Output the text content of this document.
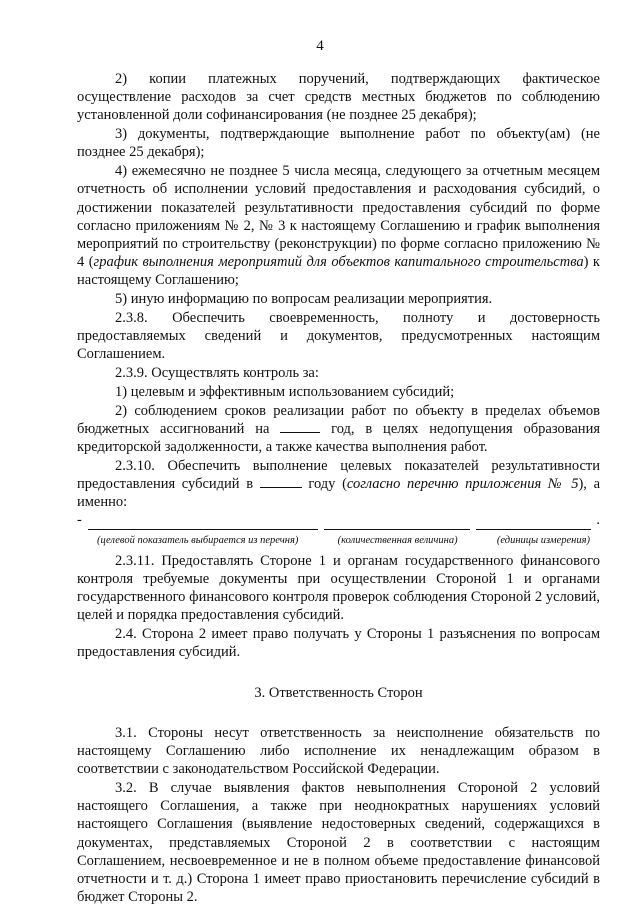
4

2) копии платежных поручений, подтверждающих фактическое осуществление расходов за счет средств местных бюджетов по соблюдению установленной доли софинансирования (не позднее 25 декабря);

3) документы, подтверждающие выполнение работ по объекту(ам) (не позднее 25 декабря);

4) ежемесячно не позднее 5 числа месяца, следующего за отчетным месяцем отчетность об исполнении условий предоставления и расходования субсидий, о достижении показателей результативности предоставления субсидий по форме согласно приложениям № 2, № 3 к настоящему Соглашению и график выполнения мероприятий по строительству (реконструкции) по форме согласно приложению № 4 (график выполнения мероприятий для объектов капитального строительства) к настоящему Соглашению;

5) иную информацию по вопросам реализации мероприятия.

2.3.8. Обеспечить своевременность, полноту и достоверность предоставляемых сведений и документов, предусмотренных настоящим Соглашением.

2.3.9. Осуществлять контроль за:

1) целевым и эффективным использованием субсидий;

2) соблюдением сроков реализации работ по объекту в пределах объемов бюджетных ассигнований на	год, в целях недопущения образования кредиторской задолженности, а также качества выполнения работ.

2.3.10. Обеспечить выполнение целевых показателей результативности предоставления субсидий в	году (согласно перечню приложения № 5), а именно:

-	.
(целевой показатель выбирается из перечня)	(количественная величина)	(единицы измерения)

2.3.11. Предоставлять Стороне 1 и органам государственного финансового контроля требуемые документы при осуществлении Стороной 1 и органами государственного финансового контроля проверок соблюдения Стороной 2 условий, целей и порядка предоставления субсидий.

2.4. Сторона 2 имеет право получать у Стороны 1 разъяснения по вопросам предоставления субсидий.

3. Ответственность Сторон

3.1. Стороны несут ответственность за неисполнение обязательств по настоящему Соглашению либо исполнение их ненадлежащим образом в соответствии с законодательством Российской Федерации.

3.2. В случае выявления фактов невыполнения Стороной 2 условий настоящего Соглашения, а также при неоднократных нарушениях условий настоящего Соглашения (выявление недостоверных сведений, содержащихся в документах, представляемых Стороной 2 в соответствии с настоящим Соглашением, несвоевременное и не в полном объеме предоставление финансовой отчетности и т. д.) Сторона 1 имеет право приостановить перечисление субсидий в бюджет Стороны 2.
